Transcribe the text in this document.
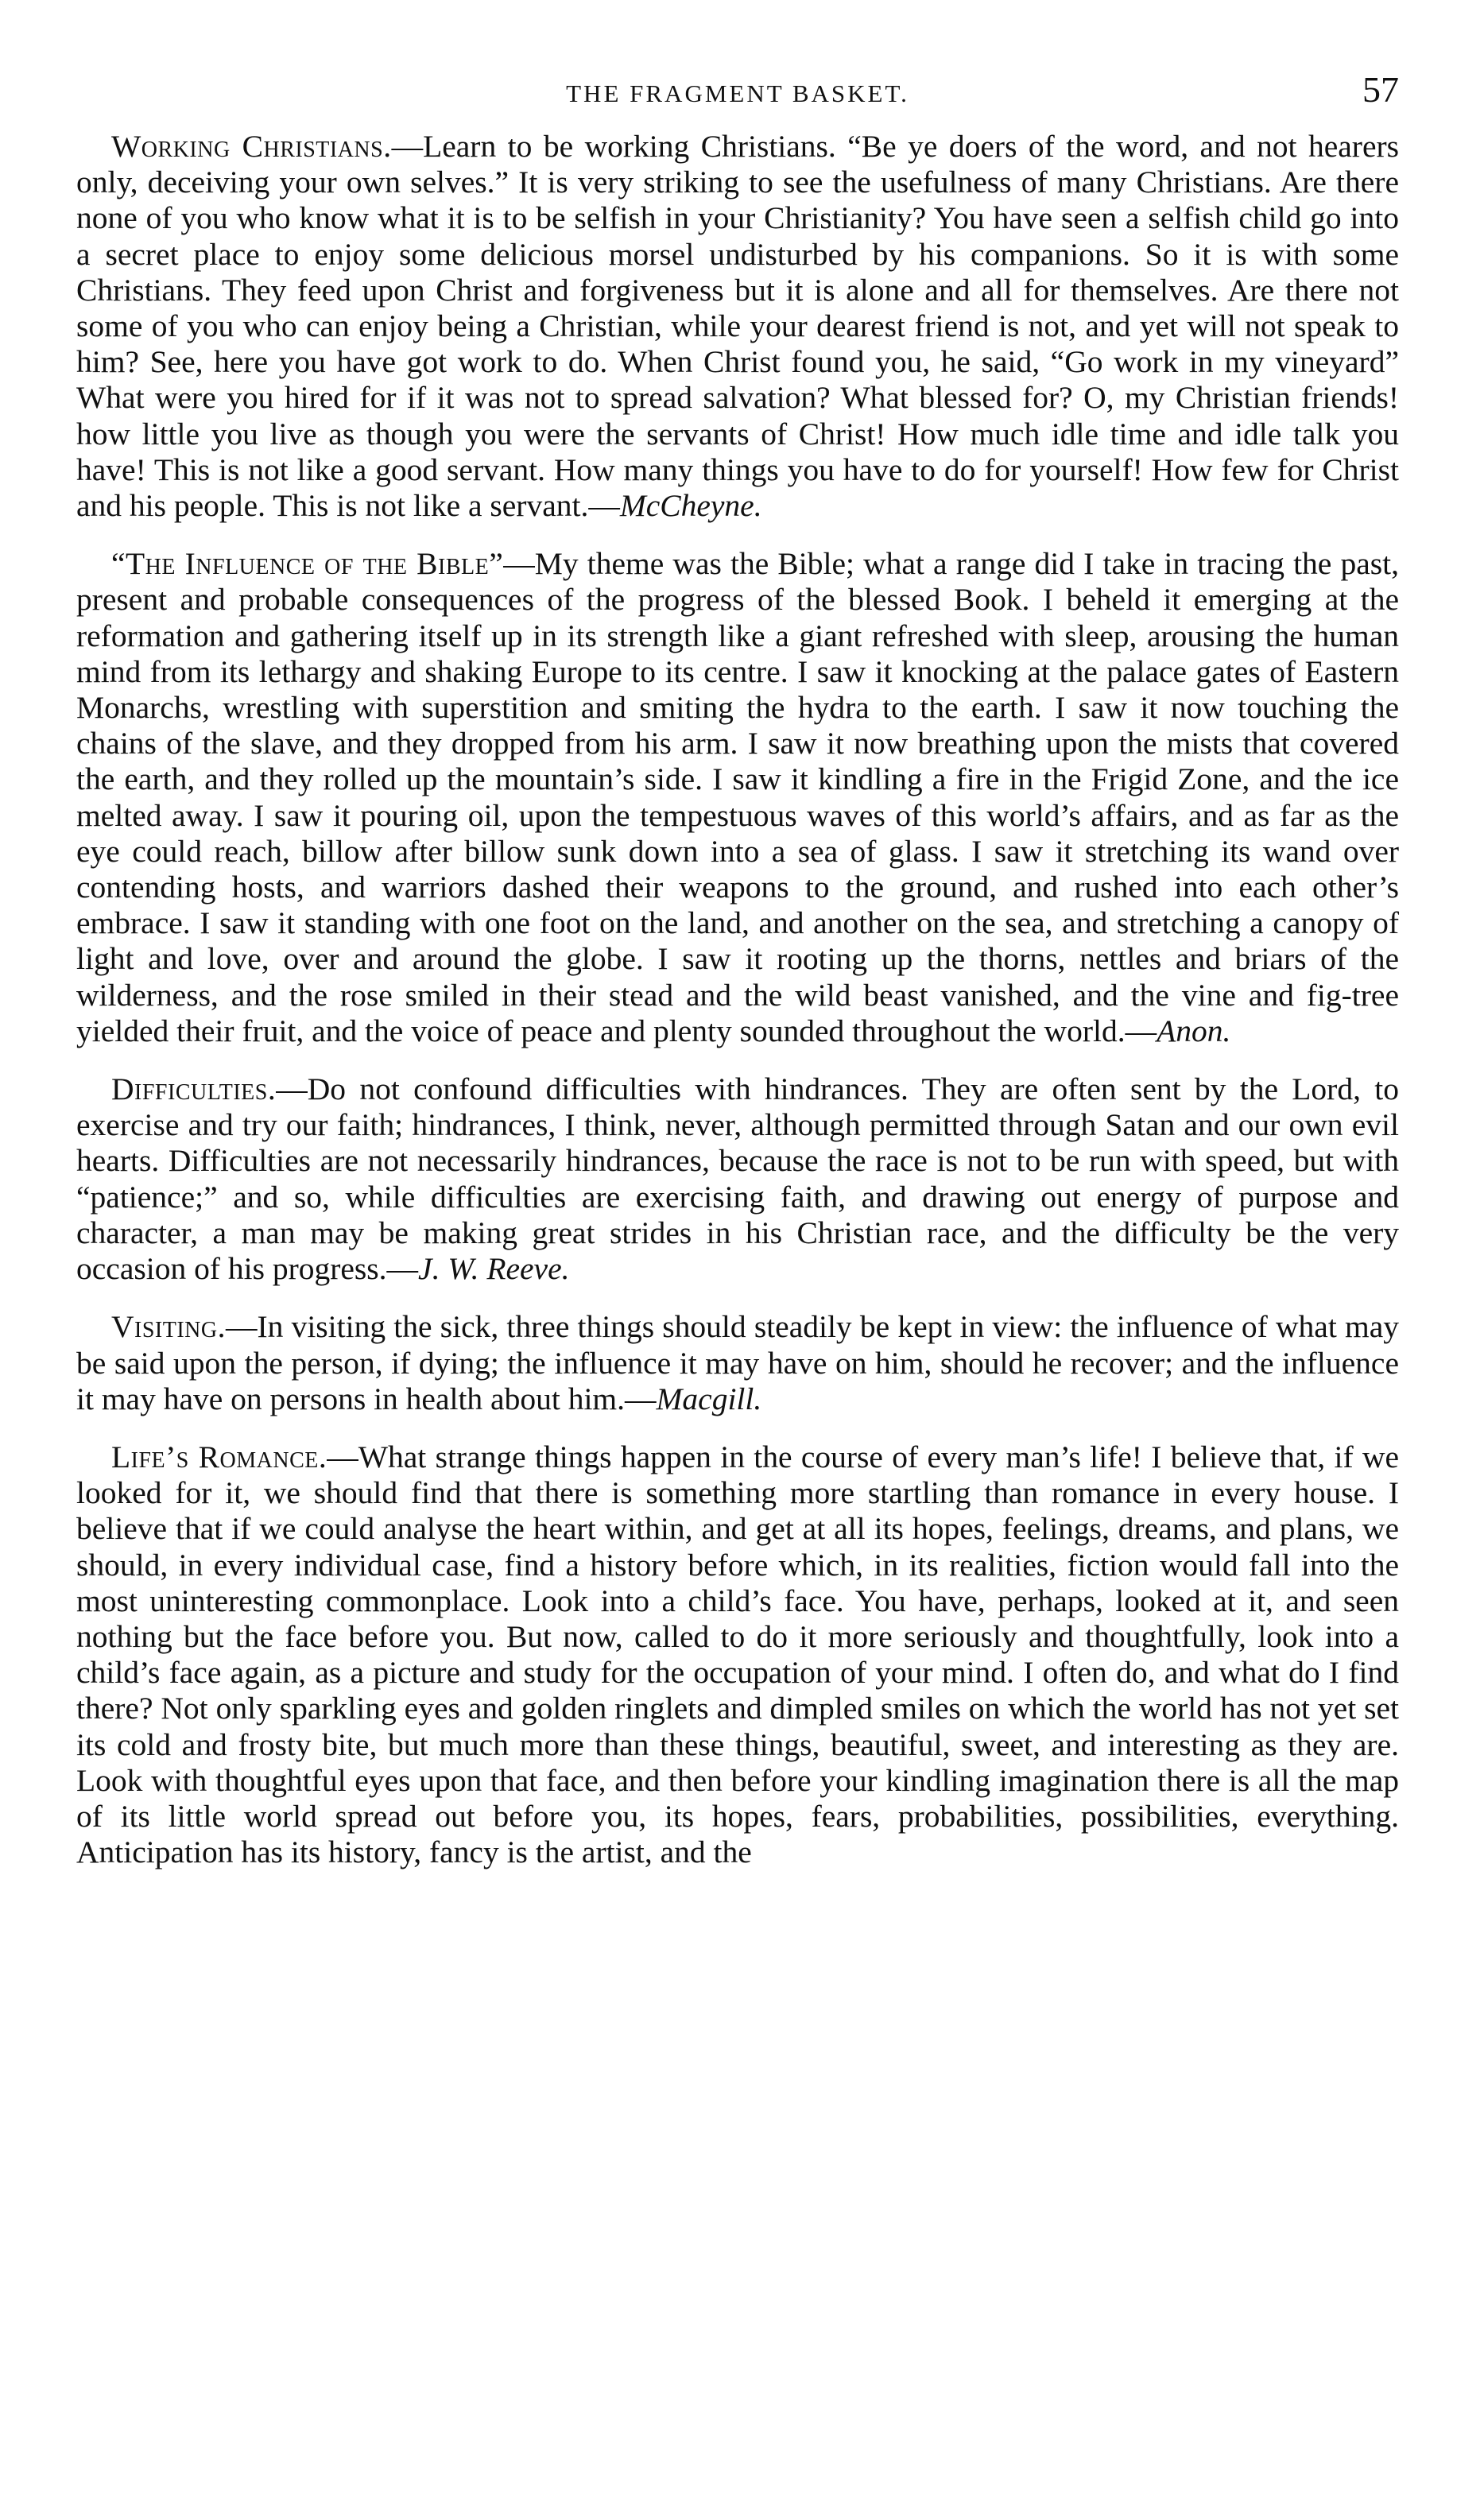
THE FRAGMENT BASKET.	57

Working Christians.—Learn to be working Christians. “Be ye doers of the word, and not hearers only, deceiving your own selves.” It is very striking to see the usefulness of many Christians. Are there none of you who know what it is to be selfish in your Christianity? You have seen a selfish child go into a secret place to enjoy some delicious morsel undisturbed by his companions. So it is with some Christians. They feed upon Christ and forgiveness but it is alone and all for themselves. Are there not some of you who can enjoy being a Christian, while your dearest friend is not, and yet will not speak to him? See, here you have got work to do. When Christ found you, he said, “Go work in my vineyard” What were you hired for if it was not to spread salvation? What blessed for? O, my Christian friends! how little you live as though you were the servants of Christ! How much idle time and idle talk you have! This is not like a good servant. How many things you have to do for yourself! How few for Christ and his people. This is not like a servant.—McCheyne.

“The Influence of the Bible”—My theme was the Bible; what a range did I take in tracing the past, present and probable consequences of the progress of the blessed Book. I beheld it emerging at the reformation and gathering itself up in its strength like a giant refreshed with sleep, arousing the human mind from its lethargy and shaking Europe to its centre. I saw it knocking at the palace gates of Eastern Monarchs, wrestling with superstition and smiting the hydra to the earth. I saw it now touching the chains of the slave, and they dropped from his arm. I saw it now breathing upon the mists that covered the earth, and they rolled up the mountain’s side. I saw it kindling a fire in the Frigid Zone, and the ice melted away. I saw it pouring oil, upon the tempestuous waves of this world’s affairs, and as far as the eye could reach, billow after billow sunk down into a sea of glass. I saw it stretching its wand over contending hosts, and warriors dashed their weapons to the ground, and rushed into each other’s embrace. I saw it standing with one foot on the land, and another on the sea, and stretching a canopy of light and love, over and around the globe. I saw it rooting up the thorns, nettles and briars of the wilderness, and the rose smiled in their stead and the wild beast vanished, and the vine and fig-tree yielded their fruit, and the voice of peace and plenty sounded throughout the world.—Anon.

Difficulties.—Do not confound difficulties with hindrances. They are often sent by the Lord, to exercise and try our faith; hindrances, I think, never, although permitted through Satan and our own evil hearts. Difficulties are not necessarily hindrances, because the race is not to be run with speed, but with “patience;” and so, while difficulties are exercising faith, and drawing out energy of purpose and character, a man may be making great strides in his Christian race, and the difficulty be the very occasion of his progress.—J. W. Reeve.

Visiting.—In visiting the sick, three things should steadily be kept in view: the influence of what may be said upon the person, if dying; the influence it may have on him, should he recover; and the influence it may have on persons in health about him.—Macgill.

Life’s Romance.—What strange things happen in the course of every man’s life! I believe that, if we looked for it, we should find that there is something more startling than romance in every house. I believe that if we could analyse the heart within, and get at all its hopes, feelings, dreams, and plans, we should, in every individual case, find a history before which, in its realities, fiction would fall into the most uninteresting commonplace. Look into a child’s face. You have, perhaps, looked at it, and seen nothing but the face before you. But now, called to do it more seriously and thoughtfully, look into a child’s face again, as a picture and study for the occupation of your mind. I often do, and what do I find there? Not only sparkling eyes and golden ringlets and dimpled smiles on which the world has not yet set its cold and frosty bite, but much more than these things, beautiful, sweet, and interesting as they are. Look with thoughtful eyes upon that face, and then before your kindling imagination there is all the map of its little world spread out before you, its hopes, fears, probabilities, possibilities, everything. Anticipation has its history, fancy is the artist, and the
